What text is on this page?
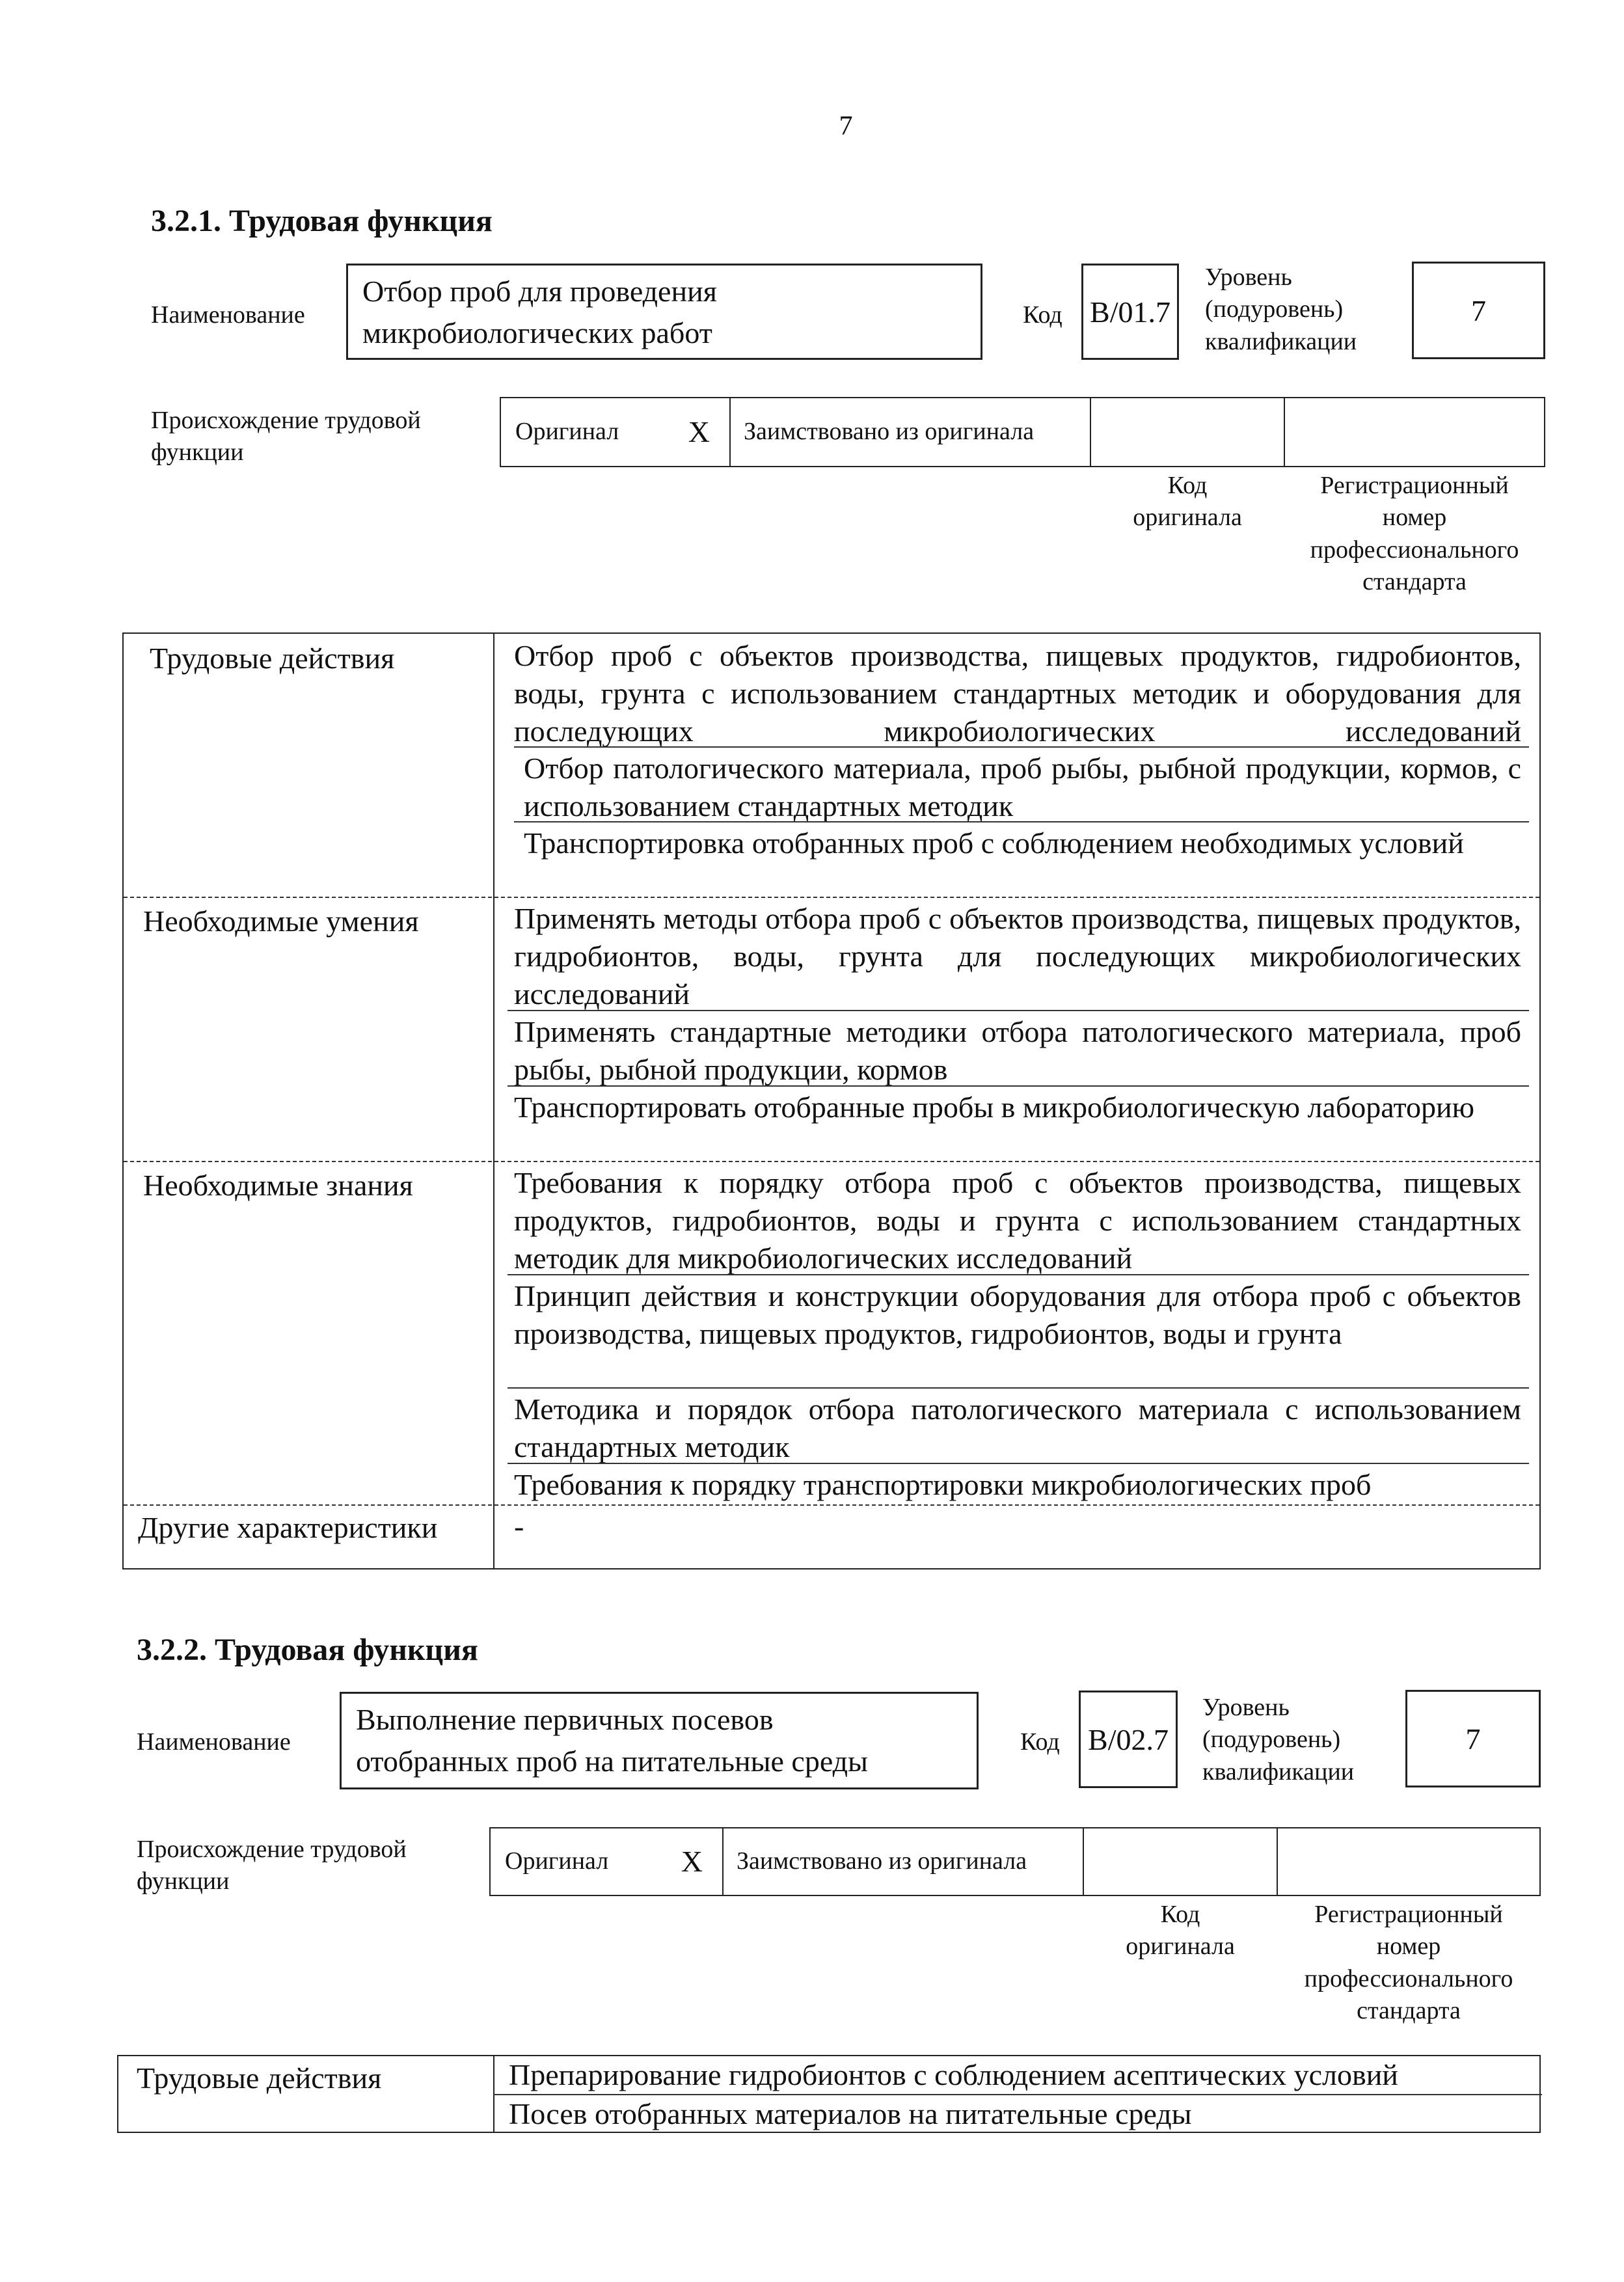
7
3.2.1. Трудовая функция
Наименование
Отбор проб для проведения
микробиологических работ
Код B/01.7
Уровень
(подуровень)
квалификации
7
Происхождение трудовой
функции
Оригинал X	Заимствовано из оригинала
Код
оригинала
Регистрационный
номер
профессионального
стандарта
Трудовые действия	Отбор проб с объектов производства, пищевых продуктов, гидробионтов, воды, грунта с использованием стандартных методик и оборудования для последующих микробиологических исследований
Отбор патологического материала, проб рыбы, рыбной продукции, кормов, с использованием стандартных методик
Транспортировка отобранных проб с соблюдением необходимых условий
Необходимые умения	Применять методы отбора проб с объектов производства, пищевых продуктов, гидробионтов, воды, грунта для последующих микробиологических исследований
Применять стандартные методики отбора патологического материала, проб рыбы, рыбной продукции, кормов
Транспортировать отобранные пробы в микробиологическую лабораторию
Необходимые знания	Требования к порядку отбора проб с объектов производства, пищевых продуктов, гидробионтов, воды и грунта с использованием стандартных методик для микробиологических исследований
Принцип действия и конструкции оборудования для отбора проб с объектов производства, пищевых продуктов, гидробионтов, воды и грунта
Методика и порядок отбора патологического материала с использованием стандартных методик
Требования к порядку транспортировки микробиологических проб
Другие характеристики	-
3.2.2. Трудовая функция
Наименование
Выполнение первичных посевов
отобранных проб на питательные среды
Код B/02.7
Уровень
(подуровень)
квалификации
7
Происхождение трудовой
функции
Оригинал X	Заимствовано из оригинала
Код
оригинала
Регистрационный
номер
профессионального
стандарта
Трудовые действия	Препарирование гидробионтов с соблюдением асептических условий
Посев отобранных материалов на питательные среды
